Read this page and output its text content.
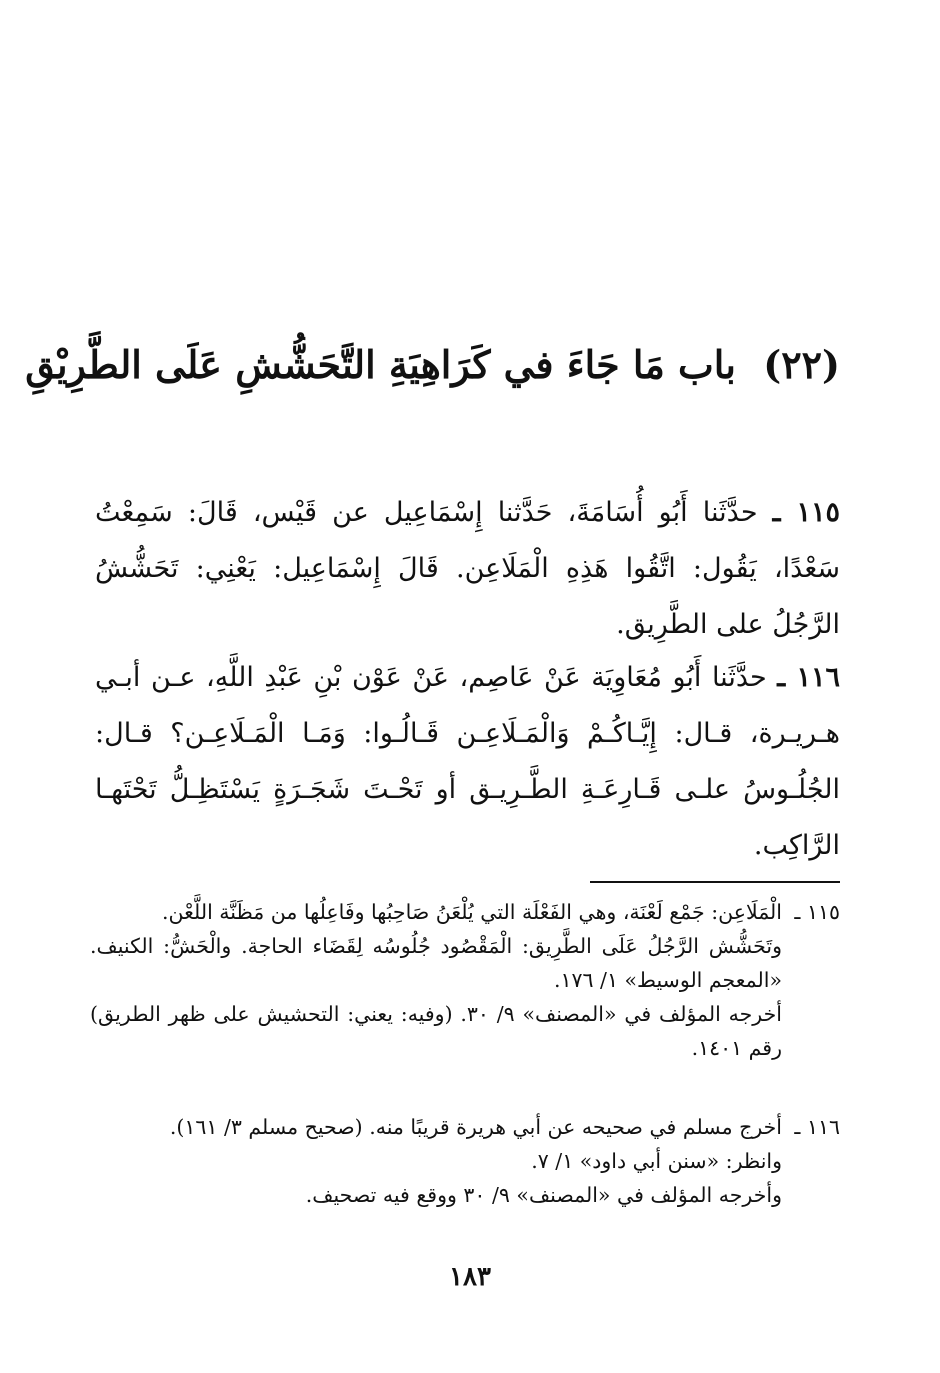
(٢٢) باب مَا جَاءَ في كَرَاهِيَةِ التَّحَشُّشِ عَلَى الطَّرِيْقِ
١١٥ ـ حدَّثَنا أَبُو أُسَامَةَ، حَدَّثنا إِسْمَاعِيل عن قَيْس، قَالَ: سَمِعْتُ سَعْدًا، يَقُول: اتَّقُوا هَذِهِ الْمَلَاعِن. قَالَ إِسْمَاعِيل: يَعْنِي: تَحَشُّشُ الرَّجُلُ على الطَّرِيق.
١١٦ ـ حدَّثَنا أَبُو مُعَاوِيَة عَنْ عَاصِم، عَنْ عَوْن بْنِ عَبْدِ اللَّهِ، عـن أبـي هـريـرة، قـال: إِيَّـاكُـمْ وَالْمَـلَاعِـن قَـالُـوا: وَمَـا الْمَـلَاعِـن؟ قـال: الجُلُـوسُ علـى قَـارِعَـةِ الطَّـرِيـق أو تَحْـتَ شَجَـرَةٍ يَسْتَظِـلُّ تَحْتَهـا الرَّاكِب.
١١٥ ـالْمَلَاعِن: جَمْع لَعْنَة، وهي الفَعْلَة التي يُلْعَنُ صَاحِبُها وفَاعِلُها من مَظَنَّة اللَّعْن.
وتَحَشُّش الرَّجُلُ عَلَى الطَّرِيق: الْمَقْصُود جُلُوسُه لِقَضَاء الحاجة. والْحَشُّ: الكنيف. «المعجم الوسيط» ١/ ١٧٦.
أخرجه المؤلف في «المصنف» ٩/ ٣٠. (وفيه: يعني: التحشيش على ظهر الطريق) رقم ١٤٠١.
١١٦ ـأخرج مسلم في صحيحه عن أبي هريرة قريبًا منه. (صحيح مسلم ٣/ ١٦١).
وانظر: «سنن أبي داود» ١/ ٧.
وأخرجه المؤلف في «المصنف» ٩/ ٣٠ ووقع فيه تصحيف.
١٨٣
